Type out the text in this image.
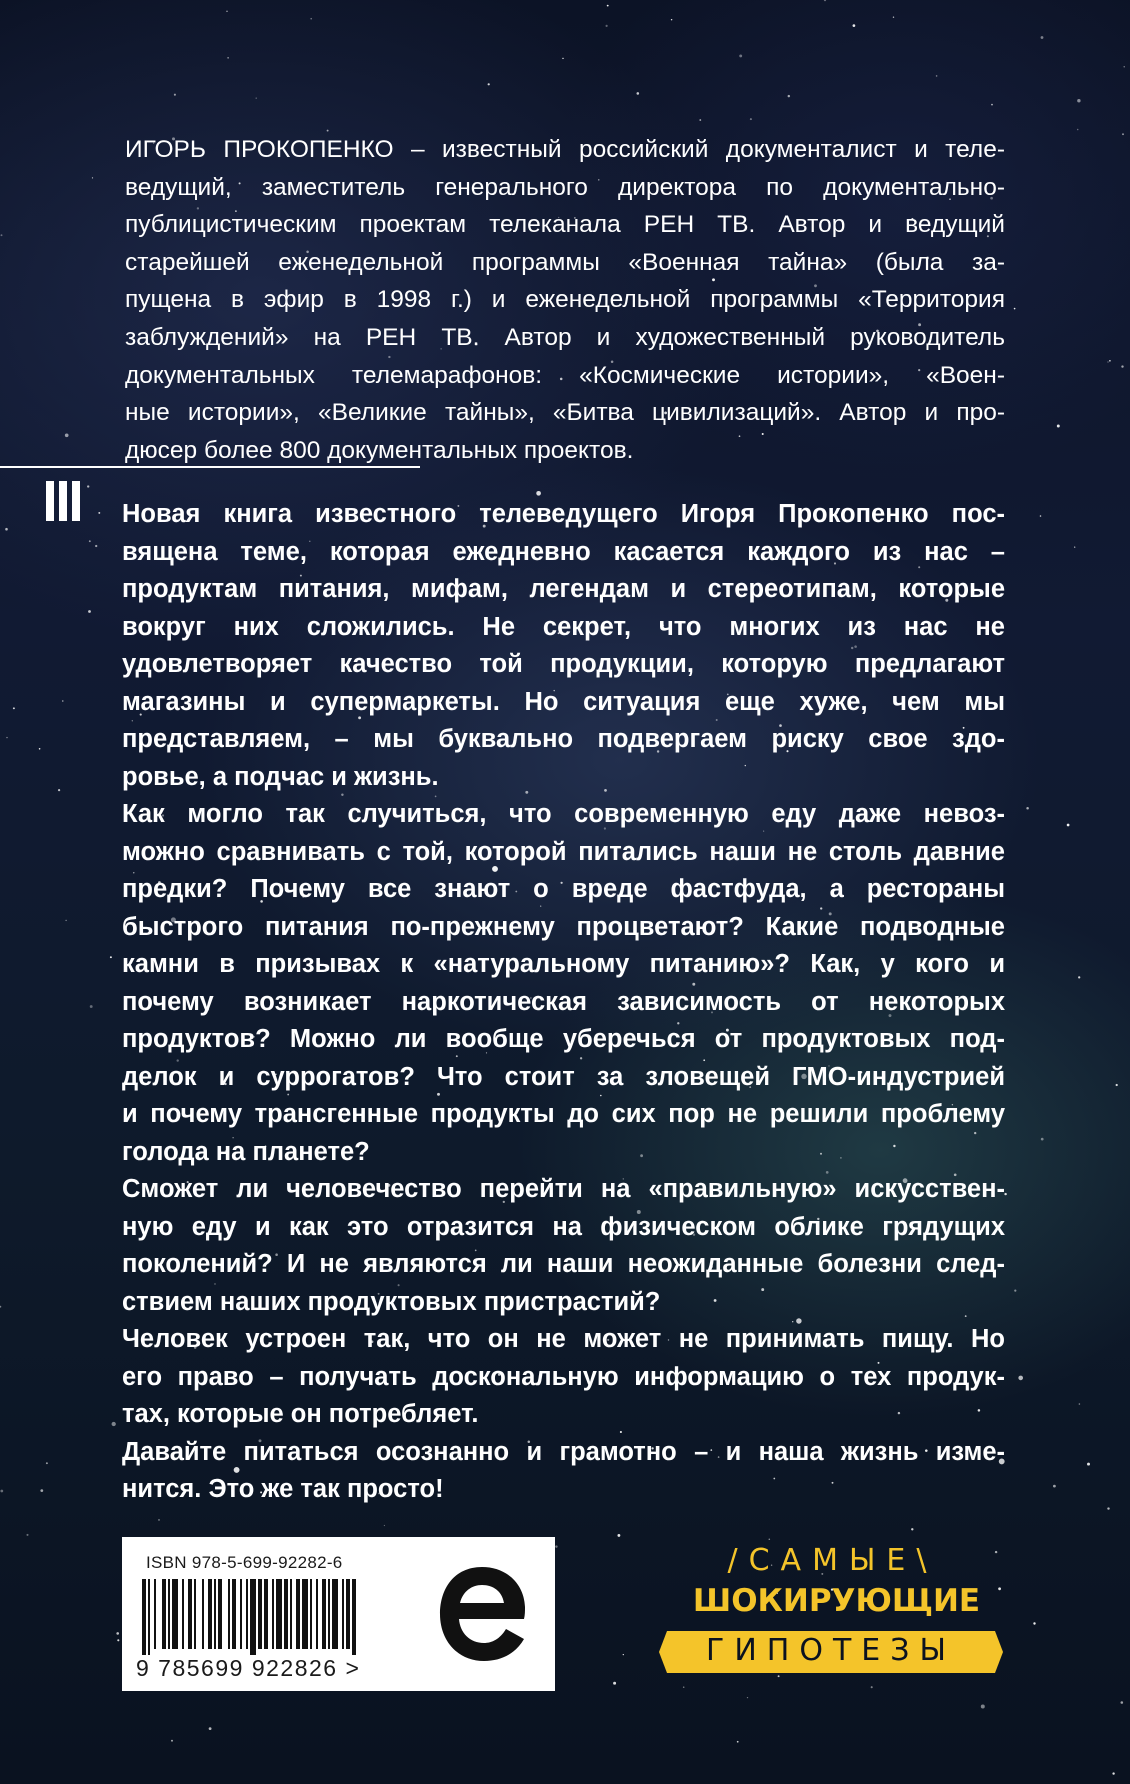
ИГОРЬ ПРОКОПЕНКО – известный российский документалист и теле-
ведущий, заместитель генерального директора по документально-
публицистическим проектам телеканала РЕН ТВ. Автор и ведущий
старейшей еженедельной программы «Военная тайна» (была за-
пущена в эфир в 1998 г.) и еженедельной программы «Территория
заблуждений» на РЕН ТВ. Автор и художественный руководитель
документальных телемарафонов: «Космические истории», «Воен-
ные истории», «Великие тайны», «Битва цивилизаций». Автор и про-
дюсер более 800 документальных проектов.
Новая книга известного телеведущего Игоря Прокопенко пос-
вящена теме, которая ежедневно касается каждого из нас –
продуктам питания, мифам, легендам и стереотипам, которые
вокруг них сложились. Не секрет, что многих из нас не
удовлетворяет качество той продукции, которую предлагают
магазины и супермаркеты. Но ситуация еще хуже, чем мы
представляем, – мы буквально подвергаем риску свое здо-
ровье, а подчас и жизнь.
Как могло так случиться, что современную еду даже невоз-
можно сравнивать с той, которой питались наши не столь давние
предки? Почему все знают о вреде фастфуда, а рестораны
быстрого питания по-прежнему процветают? Какие подводные
камни в призывах к «натуральному питанию»? Как, у кого и
почему возникает наркотическая зависимость от некоторых
продуктов? Можно ли вообще уберечься от продуктовых под-
делок и суррогатов? Что стоит за зловещей ГМО-индустрией
и почему трансгенные продукты до сих пор не решили проблему
голода на планете?
Сможет ли человечество перейти на «правильную» искусствен-
ную еду и как это отразится на физическом облике грядущих
поколений? И не являются ли наши неожиданные болезни след-
ствием наших продуктовых пристрастий?
Человек устроен так, что он не может не принимать пищу. Но
его право – получать доскональную информацию о тех продук-
тах, которые он потребляет.
Давайте питаться осознанно и грамотно – и наша жизнь изме-
нится. Это же так просто!
ISBN 978-5-699-92282-6
9 785699 922826 >
/САМЫЕ\
ШОКИРУЮЩИЕ
ГИПОТЕЗЫ
